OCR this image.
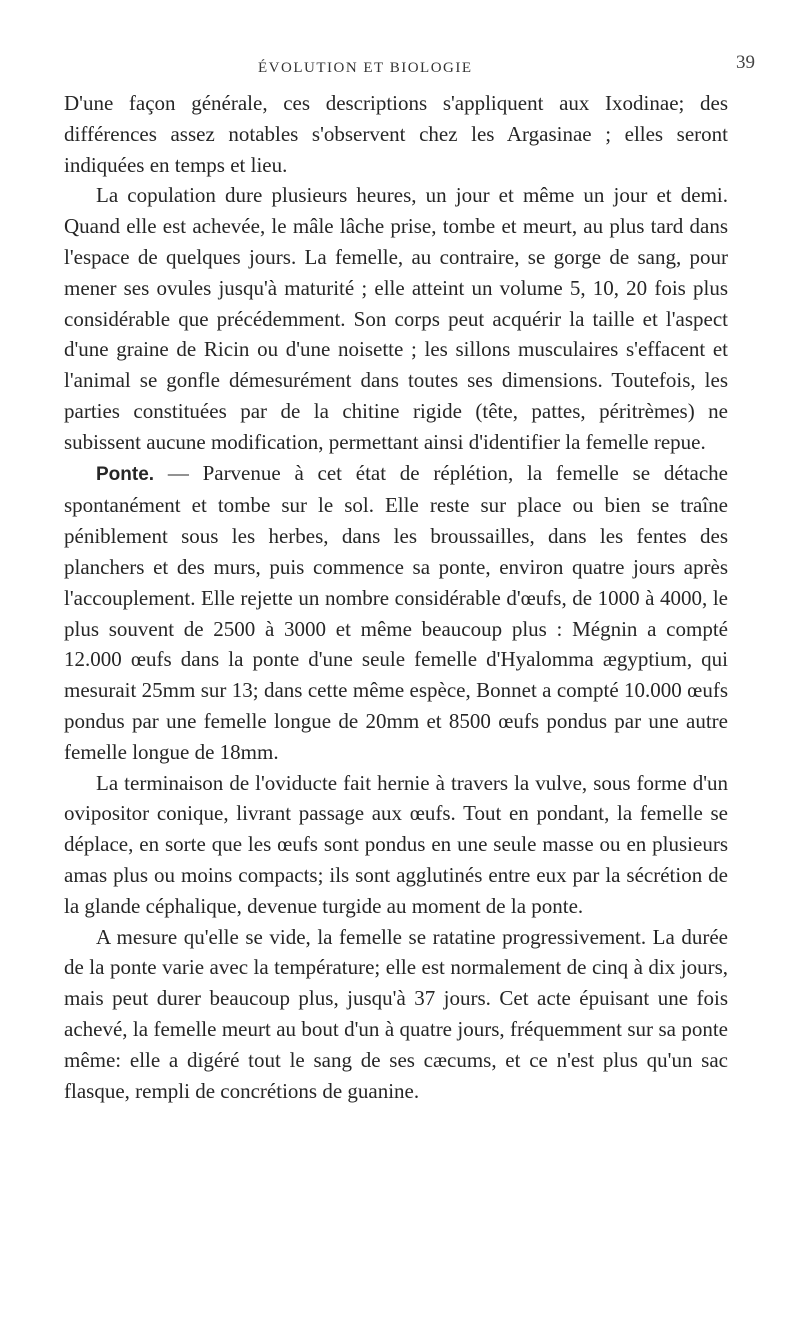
ÉVOLUTION ET BIOLOGIE	39

D'une façon générale, ces descriptions s'appliquent aux Ixodinae; des différences assez notables s'observent chez les Argasinae ; elles seront indiquées en temps et lieu.

La copulation dure plusieurs heures, un jour et même un jour et demi. Quand elle est achevée, le mâle lâche prise, tombe et meurt, au plus tard dans l'espace de quelques jours. La femelle, au contraire, se gorge de sang, pour mener ses ovules jusqu'à maturité ; elle atteint un volume 5, 10, 20 fois plus considérable que précédemment. Son corps peut acquérir la taille et l'aspect d'une graine de Ricin ou d'une noisette ; les sillons musculaires s'effacent et l'animal se gonfle démesurément dans toutes ses dimensions. Toutefois, les parties constituées par de la chitine rigide (tête, pattes, péritrèmes) ne subissent aucune modification, permettant ainsi d'identifier la femelle repue.

Ponte. — Parvenue à cet état de réplétion, la femelle se détache spontanément et tombe sur le sol. Elle reste sur place ou bien se traîne péniblement sous les herbes, dans les broussailles, dans les fentes des planchers et des murs, puis commence sa ponte, environ quatre jours après l'accouplement. Elle rejette un nombre considérable d'œufs, de 1000 à 4000, le plus souvent de 2500 à 3000 et même beaucoup plus : Mégnin a compté 12.000 œufs dans la ponte d'une seule femelle d'Hyalomma ægyptium, qui mesurait 25mm sur 13; dans cette même espèce, Bonnet a compté 10.000 œufs pondus par une femelle longue de 20mm et 8500 œufs pondus par une autre femelle longue de 18mm.

La terminaison de l'oviducte fait hernie à travers la vulve, sous forme d'un ovipositor conique, livrant passage aux œufs. Tout en pondant, la femelle se déplace, en sorte que les œufs sont pondus en une seule masse ou en plusieurs amas plus ou moins compacts; ils sont agglutinés entre eux par la sécrétion de la glande céphalique, devenue turgide au moment de la ponte.

A mesure qu'elle se vide, la femelle se ratatine progressivement. La durée de la ponte varie avec la température; elle est normalement de cinq à dix jours, mais peut durer beaucoup plus, jusqu'à 37 jours. Cet acte épuisant une fois achevé, la femelle meurt au bout d'un à quatre jours, fréquemment sur sa ponte même: elle a digéré tout le sang de ses cæcums, et ce n'est plus qu'un sac flasque, rempli de concrétions de guanine.
